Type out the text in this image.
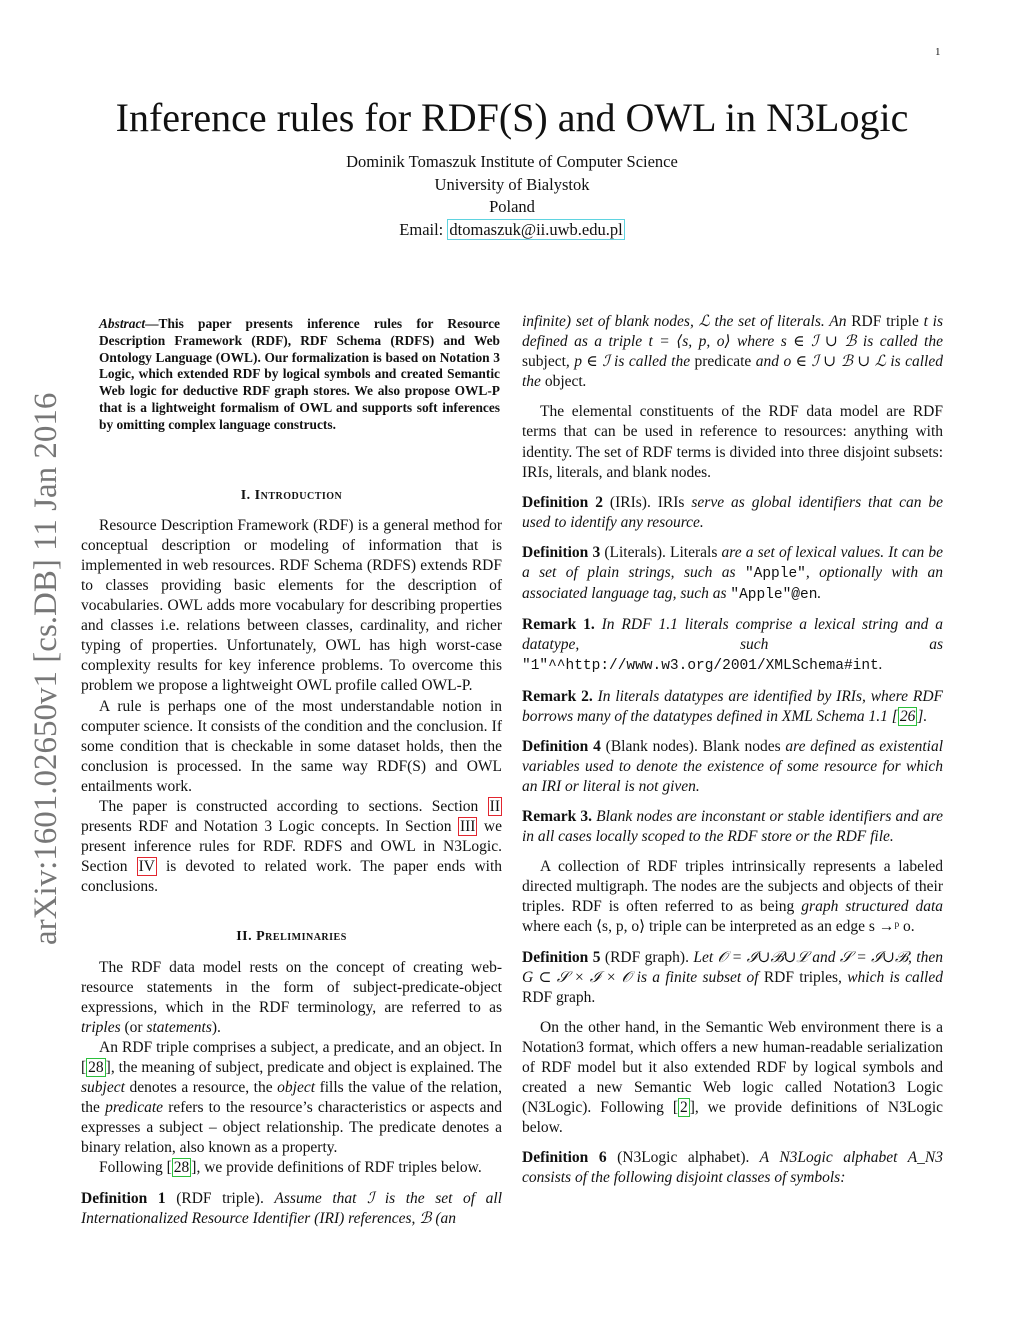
1
Inference rules for RDF(S) and OWL in N3Logic
Dominik Tomaszuk Institute of Computer Science
University of Bialystok
Poland
Email: dtomaszuk@ii.uwb.edu.pl
arXiv:1601.02650v1 [cs.DB] 11 Jan 2016
Abstract—This paper presents inference rules for Resource Description Framework (RDF), RDF Schema (RDFS) and Web Ontology Language (OWL). Our formalization is based on Notation 3 Logic, which extended RDF by logical symbols and created Semantic Web logic for deductive RDF graph stores. We also propose OWL-P that is a lightweight formalism of OWL and supports soft inferences by omitting complex language constructs.
I. Introduction

Resource Description Framework (RDF) is a general method for conceptual description or modeling of information that is implemented in web resources. RDF Schema (RDFS) extends RDF to classes providing basic elements for the description of vocabularies. OWL adds more vocabulary for describing properties and classes i.e. relations between classes, cardinality, and richer typing of properties. Unfortunately, OWL has high worst-case complexity results for key inference problems. To overcome this problem we propose a lightweight OWL profile called OWL-P.

A rule is perhaps one of the most understandable notion in computer science. It consists of the condition and the conclusion. If some condition that is checkable in some dataset holds, then the conclusion is processed. In the same way RDF(S) and OWL entailments work.

The paper is constructed according to sections. Section II presents RDF and Notation 3 Logic concepts. In Section III we present inference rules for RDF. RDFS and OWL in N3Logic. Section IV is devoted to related work. The paper ends with conclusions.

II. Preliminaries

The RDF data model rests on the concept of creating web-resource statements in the form of subject-predicate-object expressions, which in the RDF terminology, are referred to as triples (or statements).

An RDF triple comprises a subject, a predicate, and an object. In [ 28 ], the meaning of subject, predicate and object is explained. The subject denotes a resource, the object fills the value of the relation, the predicate refers to the resource’s characteristics or aspects and expresses a subject – object relationship. The predicate denotes a binary relation, also known as a property.

Following [ 28 ], we provide definitions of RDF triples below.

Definition 1 (RDF triple). Assume that ℐ is the set of all Internationalized Resource Identifier (IRI) references, ℬ (an

infinite) set of blank nodes, ℒ the set of literals. An RDF triple t is defined as a triple t = ⟨s, p, o⟩ where s ∈ ℐ ∪ ℬ is called the subject, p ∈ ℐ is called the predicate and o ∈ ℐ ∪ ℬ ∪ ℒ is called the object.

The elemental constituents of the RDF data model are RDF terms that can be used in reference to resources: anything with identity. The set of RDF terms is divided into three disjoint subsets: IRIs, literals, and blank nodes.

Definition 2 (IRIs). IRIs serve as global identifiers that can be used to identify any resource.
Definition 3 (Literals). Literals are a set of lexical values. It can be a set of plain strings, such as "Apple", optionally with an associated language tag, such as "Apple"@en.
Remark 1. In RDF 1.1 literals comprise a lexical string and a datatype, such as "1"^^http://www.w3.org/2001/XMLSchema#int.
Remark 2. In literals datatypes are identified by IRIs, where RDF borrows many of the datatypes defined in XML Schema 1.1 [ 26 ].
Definition 4 (Blank nodes). Blank nodes are defined as existential variables used to denote the existence of some resource for which an IRI or literal is not given.
Remark 3. Blank nodes are inconstant or stable identifiers and are in all cases locally scoped to the RDF store or the RDF file.

A collection of RDF triples intrinsically represents a labeled directed multigraph. The nodes are the subjects and objects of their triples. RDF is often referred to as being graph structured data where each ⟨s, p, o⟩ triple can be interpreted as an edge s →ᵖ o.

Definition 5 (RDF graph). Let 𝒪 = ℐ∪ℬ∪ℒ and 𝒮 = ℐ∪ℬ, then G ⊂ 𝒮 × ℐ × 𝒪 is a finite subset of RDF triples, which is called RDF graph.

On the other hand, in the Semantic Web environment there is a Notation3 format, which offers a new human-readable serialization of RDF model but it also extended RDF by logical symbols and created a new Semantic Web logic called Notation3 Logic (N3Logic). Following [ 2 ], we provide definitions of N3Logic below.

Definition 6 (N3Logic alphabet). A N3Logic alphabet A_N3 consists of the following disjoint classes of symbols:
